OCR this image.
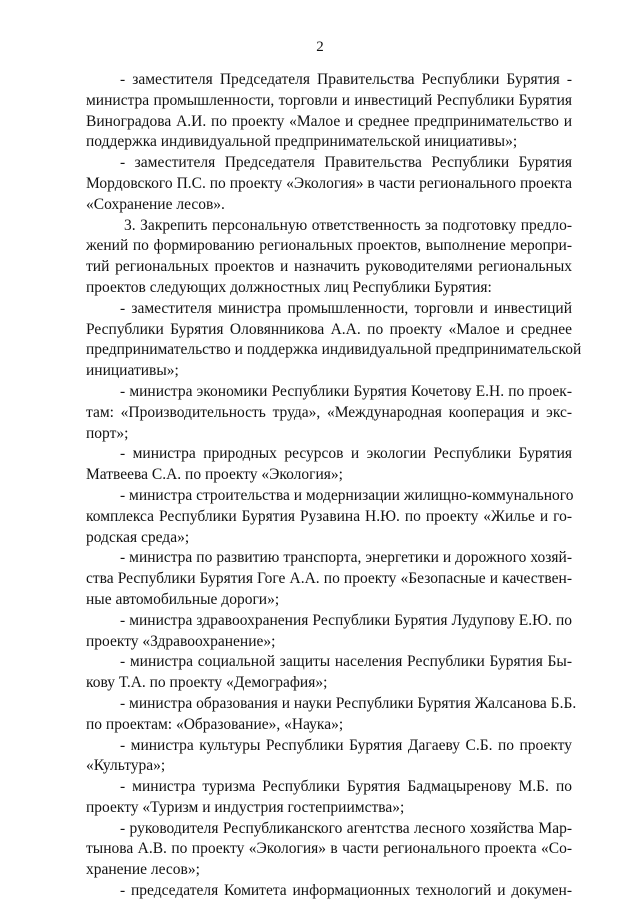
2
- заместителя Председателя Правительства Республики Бурятия -
министра промышленности, торговли и инвестиций Республики Бурятия
Виноградова А.И. по проекту «Малое и среднее предпринимательство и
поддержка индивидуальной предпринимательской инициативы»;
- заместителя Председателя Правительства Республики Бурятия
Мордовского П.С. по проекту «Экология» в части регионального проекта
«Сохранение лесов».
3. Закрепить персональную ответственность за подготовку предло-
жений по формированию региональных проектов, выполнение меропри-
тий региональных проектов и назначить руководителями региональных
проектов следующих должностных лиц Республики Бурятия:
- заместителя министра промышленности, торговли и инвестиций
Республики Бурятия Оловянникова А.А. по проекту «Малое и среднее
предпринимательство и поддержка индивидуальной предпринимательской
инициативы»;
- министра экономики Республики Бурятия Кочетову Е.Н. по проек-
там: «Производительность труда», «Международная кооперация и экс-
порт»;
- министра природных ресурсов и экологии Республики Бурятия
Матвеева С.А. по проекту «Экология»;
- министра строительства и модернизации жилищно-коммунального
комплекса Республики Бурятия Рузавина Н.Ю. по проекту «Жилье и го-
родская среда»;
- министра по развитию транспорта, энергетики и дорожного хозяй-
ства Республики Бурятия Гоге А.А. по проекту «Безопасные и качествен-
ные автомобильные дороги»;
- министра здравоохранения Республики Бурятия Лудупову Е.Ю. по
проекту «Здравоохранение»;
- министра социальной защиты населения Республики Бурятия Бы-
кову Т.А. по проекту «Демография»;
- министра образования и науки Республики Бурятия Жалсанова Б.Б.
по проектам: «Образование», «Наука»;
- министра культуры Республики Бурятия Дагаеву С.Б. по проекту
«Культура»;
- министра туризма Республики Бурятия Бадмацыренову М.Б. по
проекту «Туризм и индустрия гостеприимства»;
- руководителя Республиканского агентства лесного хозяйства Мар-
тынова А.В. по проекту «Экология» в части регионального проекта «Со-
хранение лесов»;
- председателя Комитета информационных технологий и докумен-
